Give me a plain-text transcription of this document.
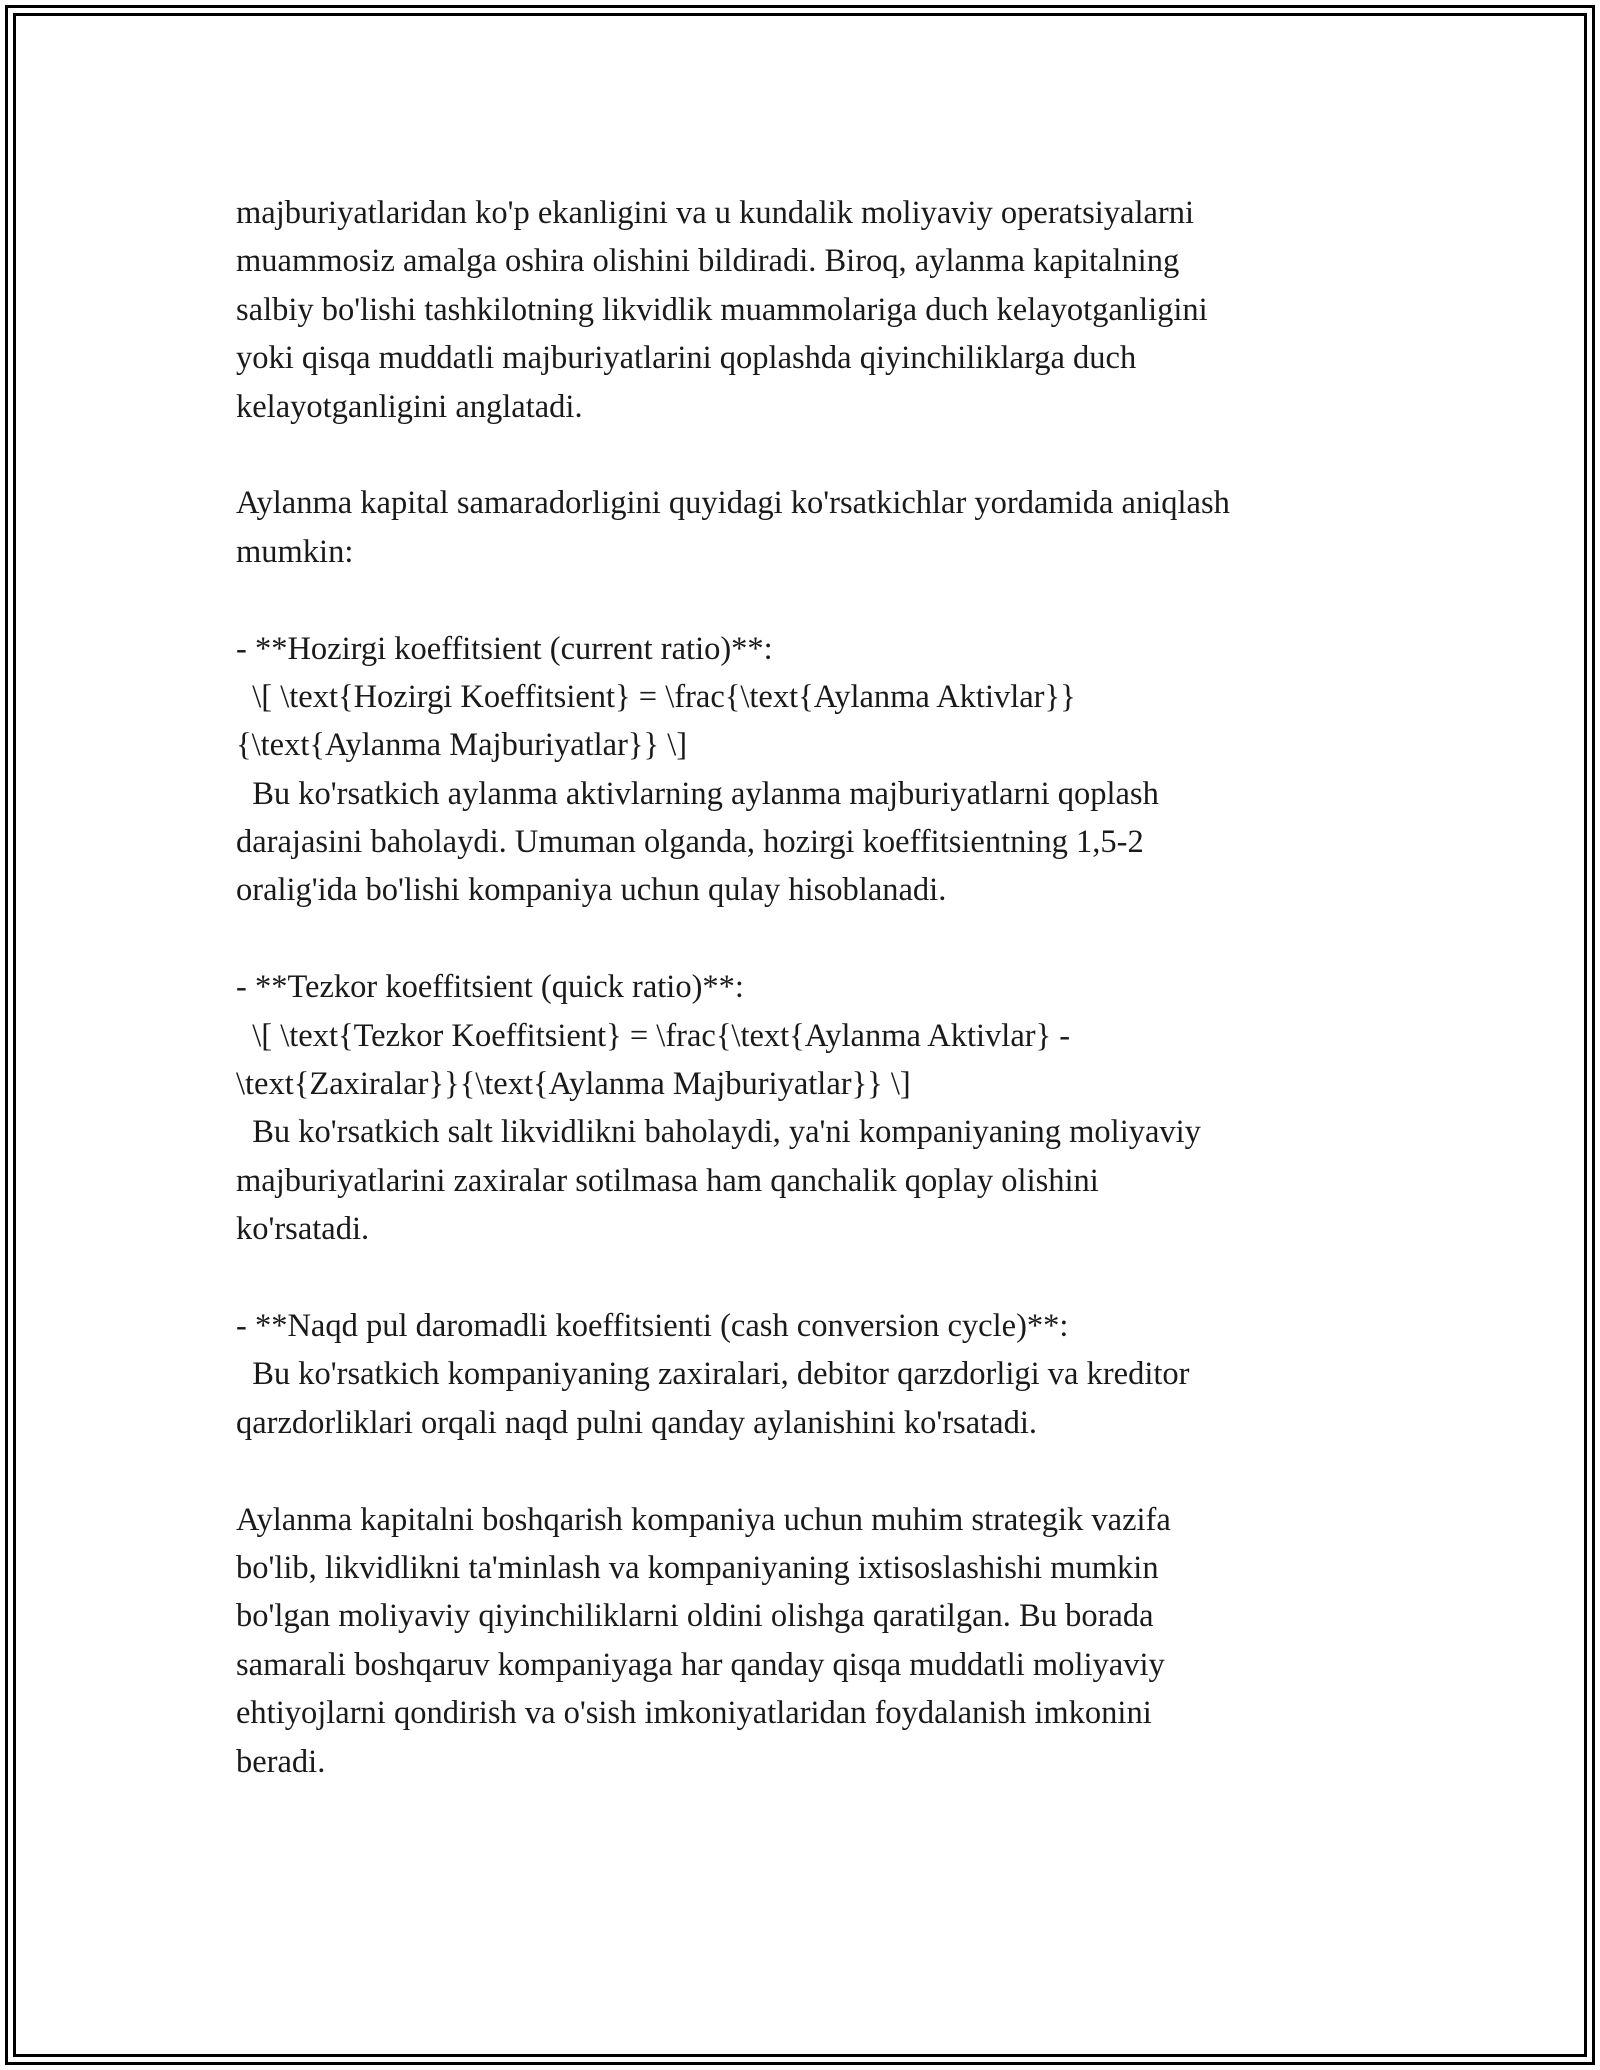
majburiyatlaridan ko'p ekanligini va u kundalik moliyaviy operatsiyalarni
muammosiz amalga oshira olishini bildiradi. Biroq, aylanma kapitalning
salbiy bo'lishi tashkilotning likvidlik muammolariga duch kelayotganligini
yoki qisqa muddatli majburiyatlarini qoplashda qiyinchiliklarga duch
kelayotganligini anglatadi.
Aylanma kapital samaradorligini quyidagi ko'rsatkichlar yordamida aniqlash
mumkin:
- **Hozirgi koeffitsient (current ratio)**:
\[ \text{Hozirgi Koeffitsient} = \frac{\text{Aylanma Aktivlar}}
{\text{Aylanma Majburiyatlar}} \]
Bu ko'rsatkich aylanma aktivlarning aylanma majburiyatlarni qoplash
darajasini baholaydi. Umuman olganda, hozirgi koeffitsientning 1,5-2
oralig'ida bo'lishi kompaniya uchun qulay hisoblanadi.
- **Tezkor koeffitsient (quick ratio)**:
\[ \text{Tezkor Koeffitsient} = \frac{\text{Aylanma Aktivlar} -
\text{Zaxiralar}}{\text{Aylanma Majburiyatlar}} \]
Bu ko'rsatkich salt likvidlikni baholaydi, ya'ni kompaniyaning moliyaviy
majburiyatlarini zaxiralar sotilmasa ham qanchalik qoplay olishini
ko'rsatadi.
- **Naqd pul daromadli koeffitsienti (cash conversion cycle)**:
Bu ko'rsatkich kompaniyaning zaxiralari, debitor qarzdorligi va kreditor
qarzdorliklari orqali naqd pulni qanday aylanishini ko'rsatadi.
Aylanma kapitalni boshqarish kompaniya uchun muhim strategik vazifa
bo'lib, likvidlikni ta'minlash va kompaniyaning ixtisoslashishi mumkin
bo'lgan moliyaviy qiyinchiliklarni oldini olishga qaratilgan. Bu borada
samarali boshqaruv kompaniyaga har qanday qisqa muddatli moliyaviy
ehtiyojlarni qondirish va o'sish imkoniyatlaridan foydalanish imkonini
beradi.
